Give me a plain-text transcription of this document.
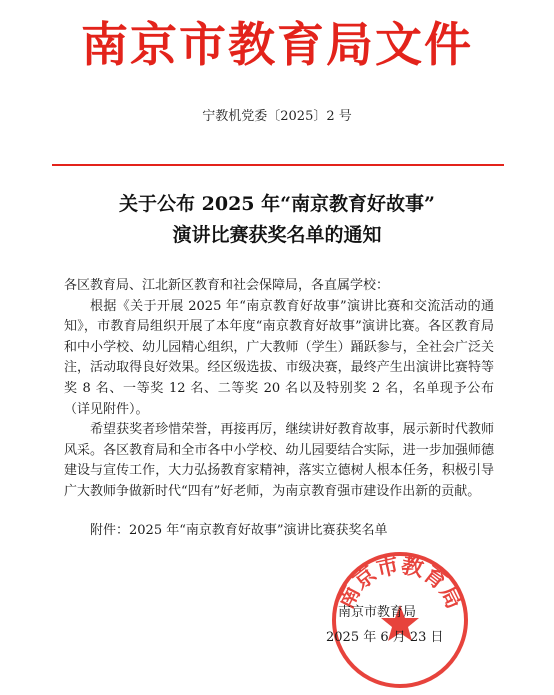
南京市教育局文件
宁教机党委〔2025〕2 号
关于公布 2025 年“南京教育好故事”
演讲比赛获奖名单的通知

各区教育局、江北新区教育和社会保障局，各直属学校：

根据《关于开展 2025 年“南京教育好故事”演讲比赛和交流活动的通知》，市教育局组织开展了本年度“南京教育好故事”演讲比赛。各区教育局和中小学校、幼儿园精心组织，广大教师（学生）踊跃参与，全社会广泛关注，活动取得良好效果。经区级选拔、市级决赛，最终产生出演讲比赛特等奖 8 名、一等奖 12 名、二等奖 20 名以及特别奖 2 名，名单现予公布（详见附件）。

希望获奖者珍惜荣誉，再接再厉，继续讲好教育故事，展示新时代教师风采。各区教育局和全市各中小学校、幼儿园要结合实际，进一步加强师德建设与宣传工作，大力弘扬教育家精神，落实立德树人根本任务，积极引导广大教师争做新时代“四有”好老师，为南京教育强市建设作出新的贡献。

附件：2025 年“南京教育好故事”演讲比赛获奖名单

南京市教育局
南京市教育局
2025 年 6 月 23 日
